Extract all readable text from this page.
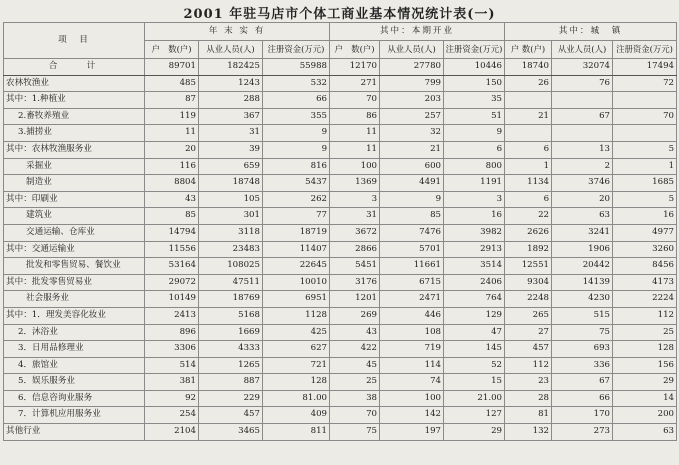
2001 年驻马店市个体工商业基本情况统计表(一)
项　目	年 末 实 有			其中：本期开业			其中：城　镇		
	户　数(户)	从业人员(人)	注册资金(万元)	户　数(户)	从业人员(人)	注册资金(万元)	户 数(户)	从业人员(人)	注册资金(万元)
合　　计	89701	182425	55988	12170	27780	10446	18740	32074	17494
农林牧渔业	485	1243	532	271	799	150	26	76	72
其中：1.种植业	87	288	66	70	203	35			
2.畜牧养殖业	119	367	355	86	257	51	21	67	70
3.捕捞业	11	31	9	11	32	9			
其中：农林牧渔服务业	20	39	9	11	21	6	6	13	5
采掘业	116	659	816	100	600	800	1	2	1
制造业	8804	18748	5437	1369	4491	1191	1134	3746	1685
其中：印刷业	43	105	262	3	9	3	6	20	5
建筑业	85	301	77	31	85	16	22	63	16
交通运输、仓库业	14794	3118	18719	3672	7476	3982	2626	3241	4977
其中：交通运输业	11556	23483	11407	2866	5701	2913	1892	1906	3260
批发和零售贸易、餐饮业	53164	108025	22645	5451	11661	3514	12551	20442	8456
其中：批发零售贸易业	29072	47511	10010	3176	6715	2406	9304	14139	4173
社会服务业	10149	18769	6951	1201	2471	764	2248	4230	2224
其中：1．理发美容化妆业	2413	5168	1128	269	446	129	265	515	112
2．沐浴业	896	1669	425	43	108	47	27	75	25
3．日用品修理业	3306	4333	627	422	719	145	457	693	128
4．旅馆业	514	1265	721	45	114	52	112	336	156
5．娱乐服务业	381	887	128	25	74	15	23	67	29
6．信息咨询业服务	92	229	81.00	38	100	21.00	28	66	14
7．计算机应用服务业	254	457	409	70	142	127	81	170	200
其他行业	2104	3465	811	75	197	29	132	273	63
